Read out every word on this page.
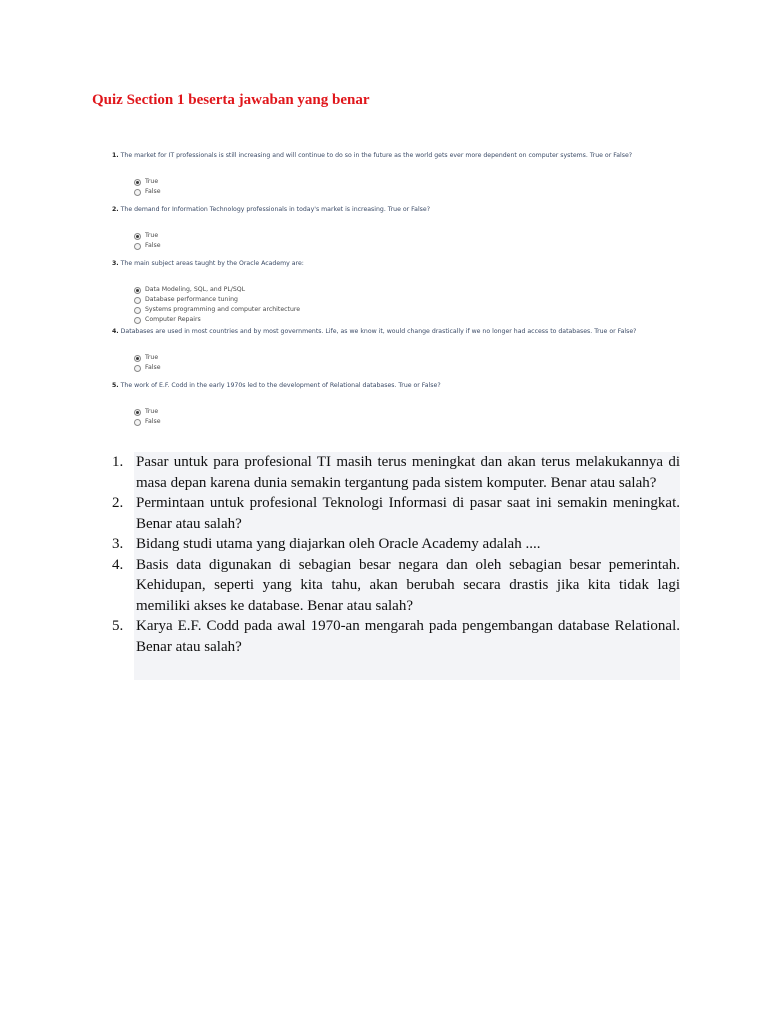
Quiz Section 1 beserta jawaban yang benar
1. The market for IT professionals is still increasing and will continue to do so in the future as the world gets ever more dependent on computer systems. True or False?
True
False
2. The demand for Information Technology professionals in today's market is increasing. True or False?
True
False
3. The main subject areas taught by the Oracle Academy are:
Data Modeling, SQL, and PL/SQL
Database performance tuning
Systems programming and computer architecture
Computer Repairs
4. Databases are used in most countries and by most governments. Life, as we know it, would change drastically if we no longer had access to databases. True or False?
True
False
5. The work of E.F. Codd in the early 1970s led to the development of Relational databases. True or False?
True
False
1. Pasar untuk para profesional TI masih terus meningkat dan akan terus melakukannya di masa depan karena dunia semakin tergantung pada sistem komputer. Benar atau salah?
2. Permintaan untuk profesional Teknologi Informasi di pasar saat ini semakin meningkat. Benar atau salah?
3. Bidang studi utama yang diajarkan oleh Oracle Academy adalah ....
4. Basis data digunakan di sebagian besar negara dan oleh sebagian besar pemerintah. Kehidupan, seperti yang kita tahu, akan berubah secara drastis jika kita tidak lagi memiliki akses ke database. Benar atau salah?
5. Karya E.F. Codd pada awal 1970-an mengarah pada pengembangan database Relational. Benar atau salah?
